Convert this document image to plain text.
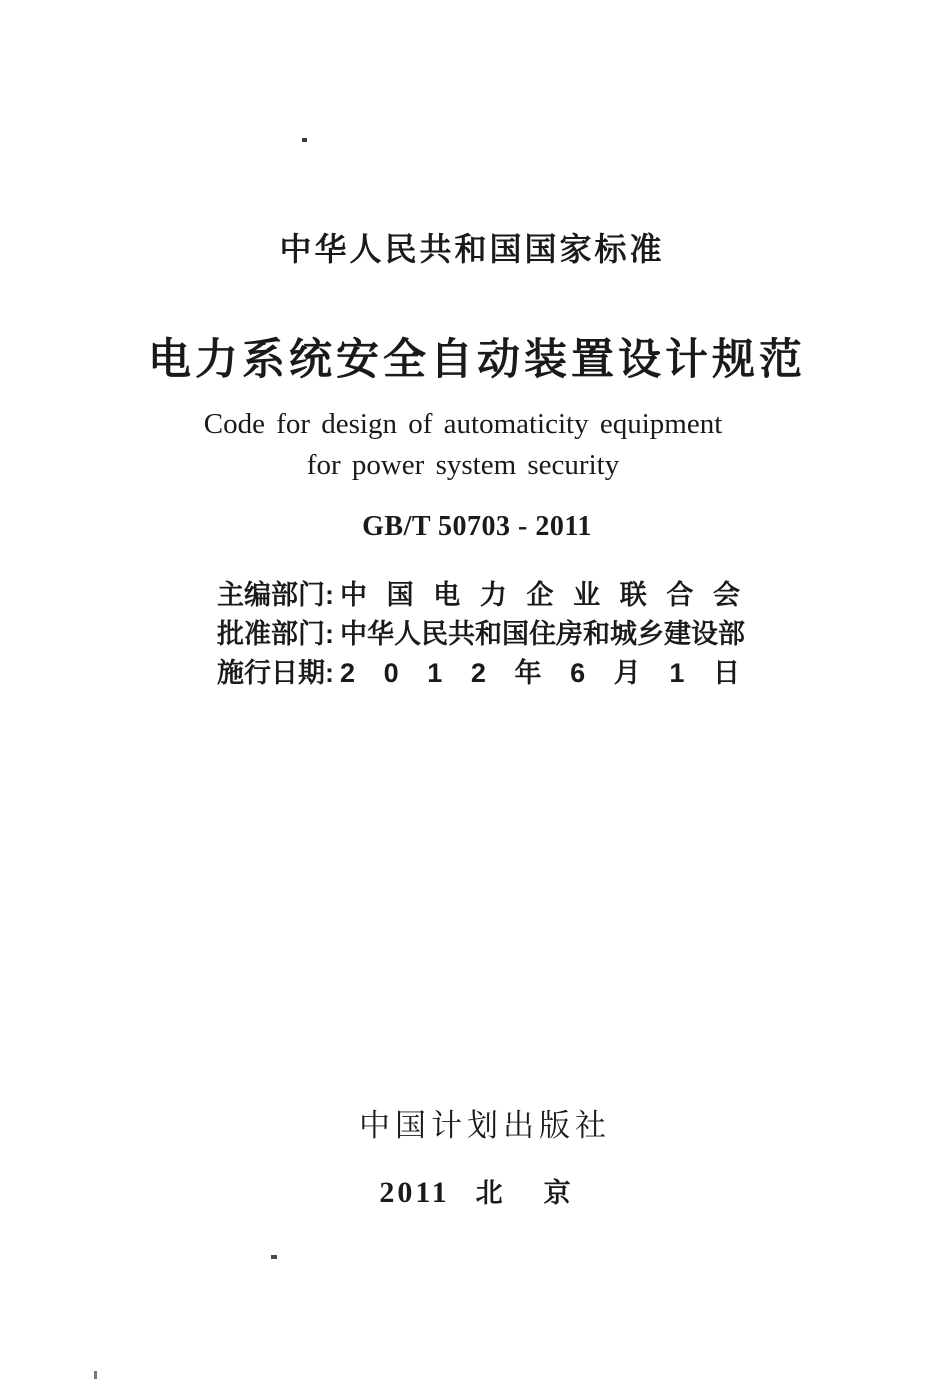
中华人民共和国国家标准
电力系统安全自动装置设计规范
Code for design of automaticity equipment
for power system security
GB/T 50703 - 2011
主编部门: 中 国 电 力 企 业 联 合 会
批准部门: 中 华 人 民 共 和 国 住 房 和 城 乡 建 设 部
施行日期: 2 0 1 2 年 6 月 1 日
中国计划出版社
2011 北 京
